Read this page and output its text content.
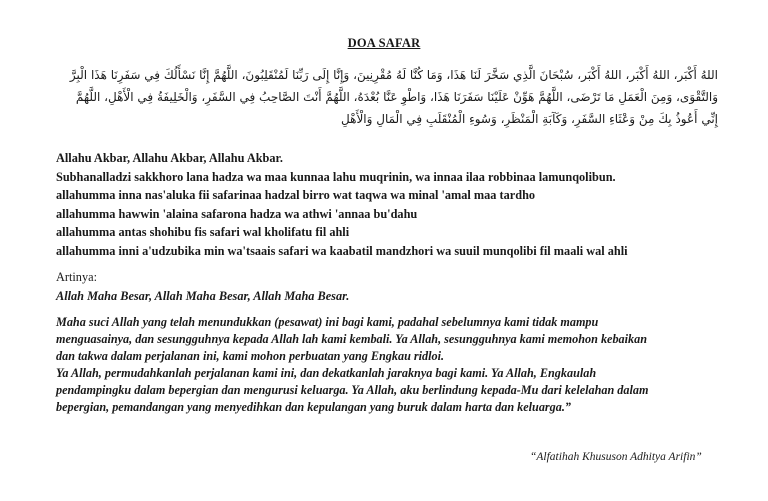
DOA SAFAR
اللهُ أَكْبَر، اللهُ أَكْبَر، اللهُ أَكْبَر، سُبْحَانَ الَّذِي سَخَّرَ لَنَا هَذَا، وَمَا كُنَّا لَهُ مُقْرِنِينَ، وَإِنَّا إِلَى رَبِّنَا لَمُنْقَلِبُونَ، اللَّهُمَّ إِنَّا نَسْأَلُكَ فِي سَفَرِنَا هَذَا الْبِرَّ وَالتَّقْوَى، وَمِنَ الْعَمَلِ مَا تَرْضَى، اللَّهُمَّ هَوِّنْ عَلَيْنَا سَفَرَنَا هَذَا، وَاطْوِ عَنَّا بُعْدَهُ، اللَّهُمَّ أَنْتَ الصَّاحِبُ فِي السَّفَرِ، وَالْخَلِيفَةُ فِي الْأَهْلِ، اللَّهُمَّ إِنِّي أَعُوذُ بِكَ مِنْ وَعْثَاءِ السَّفَرِ، وَكَآبَةِ الْمَنْظَرِ، وَسُوءِ الْمُنْقَلَبِ فِي الْمَالِ وَالْأَهْلِ
Allahu Akbar, Allahu Akbar, Allahu Akbar.
Subhanalladzi sakkhoro lana hadza wa maa kunnaa lahu muqrinin, wa innaa ilaa robbinaa lamunqolibun.
allahumma inna nas'aluka fii safarinaa hadzal birro wat taqwa wa minal 'amal maa tardho
allahumma hawwin 'alaina safarona hadza wa athwi 'annaa bu'dahu
allahumma antas shohibu fis safari wal kholifatu fil ahli
allahumma inni a'udzubika min wa'tsaais safari wa kaabatil mandzhori wa suuil munqolibi fil maali wal ahli
Artinya:
Allah Maha Besar, Allah Maha Besar, Allah Maha Besar.
Maha suci Allah yang telah menundukkan (pesawat) ini bagi kami, padahal sebelumnya kami tidak mampu
menguasainya, dan sesungguhnya kepada Allah lah kami kembali. Ya Allah, sesungguhnya kami memohon kebaikan
dan takwa dalam perjalanan ini, kami mohon perbuatan yang Engkau ridloi.
Ya Allah, permudahkanlah perjalanan kami ini, dan dekatkanlah jaraknya bagi kami. Ya Allah, Engkaulah
pendampingku dalam bepergian dan mengurusi keluarga. Ya Allah, aku berlindung kepada-Mu dari kelelahan dalam
bepergian, pemandangan yang menyedihkan dan kepulangan yang buruk dalam harta dan keluarga.”
“Alfatihah Khususon Adhitya Arifin”
